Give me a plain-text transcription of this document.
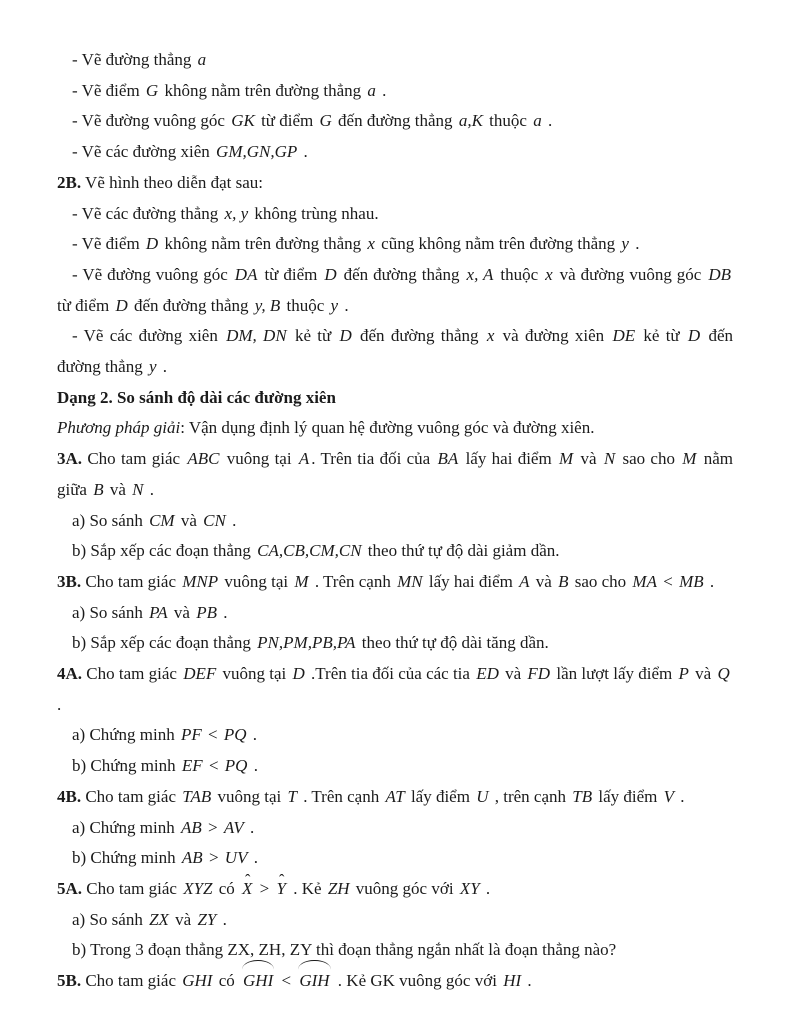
- Vẽ đường thẳng a

- Vẽ điểm G không nằm trên đường thẳng a .

- Vẽ đường vuông góc GK từ điểm G đến đường thẳng a,K thuộc a .

- Vẽ các đường xiên GM,GN,GP .

2B. Vẽ hình theo diễn đạt sau:

- Vẽ các đường thẳng x, y không trùng nhau.

- Vẽ điểm D không nằm trên đường thẳng x cũng không nằm trên đường thẳng y .

- Vẽ đường vuông góc DA từ điểm D đến đường thẳng x, A thuộc x và đường vuông góc DB từ điểm D đến đường thẳng y, B thuộc y .

- Vẽ các đường xiên DM, DN kẻ từ D đến đường thẳng x và đường xiên DE kẻ từ D đến đường thẳng y .

Dạng 2. So sánh độ dài các đường xiên

Phương pháp giải: Vận dụng định lý quan hệ đường vuông góc và đường xiên.

3A. Cho tam giác ABC vuông tại A . Trên tia đối của BA lấy hai điểm M và N sao cho M nằm giữa B và N .

a) So sánh CM và CN .

b) Sắp xếp các đoạn thẳng CA,CB,CM,CN theo thứ tự độ dài giảm dần.

3B. Cho tam giác MNP vuông tại M . Trên cạnh MN lấy hai điểm A và B sao cho MA < MB .

a) So sánh PA và PB .

b) Sắp xếp các đoạn thẳng PN,PM,PB,PA theo thứ tự độ dài tăng dần.

4A. Cho tam giác DEF vuông tại D .Trên tia đối của các tia ED và FD lần lượt lấy điểm P và Q .

a) Chứng minh PF < PQ .

b) Chứng minh EF < PQ .

4B. Cho tam giác TAB vuông tại T . Trên cạnh AT lấy điểm U , trên cạnh TB lấy điểm V .

a) Chứng minh AB > AV .

b) Chứng minh AB > UV .

5A. Cho tam giác XYZ có ˆ X > ˆ Y . Kẻ ZH vuông góc với XY .

a) So sánh ZX và ZY .

b) Trong 3 đoạn thẳng ZX, ZH, ZY thì đoạn thẳng ngắn nhất là đoạn thẳng nào?

5B. Cho tam giác GHI có GHI < GIH . Kẻ GK vuông góc với HI .
